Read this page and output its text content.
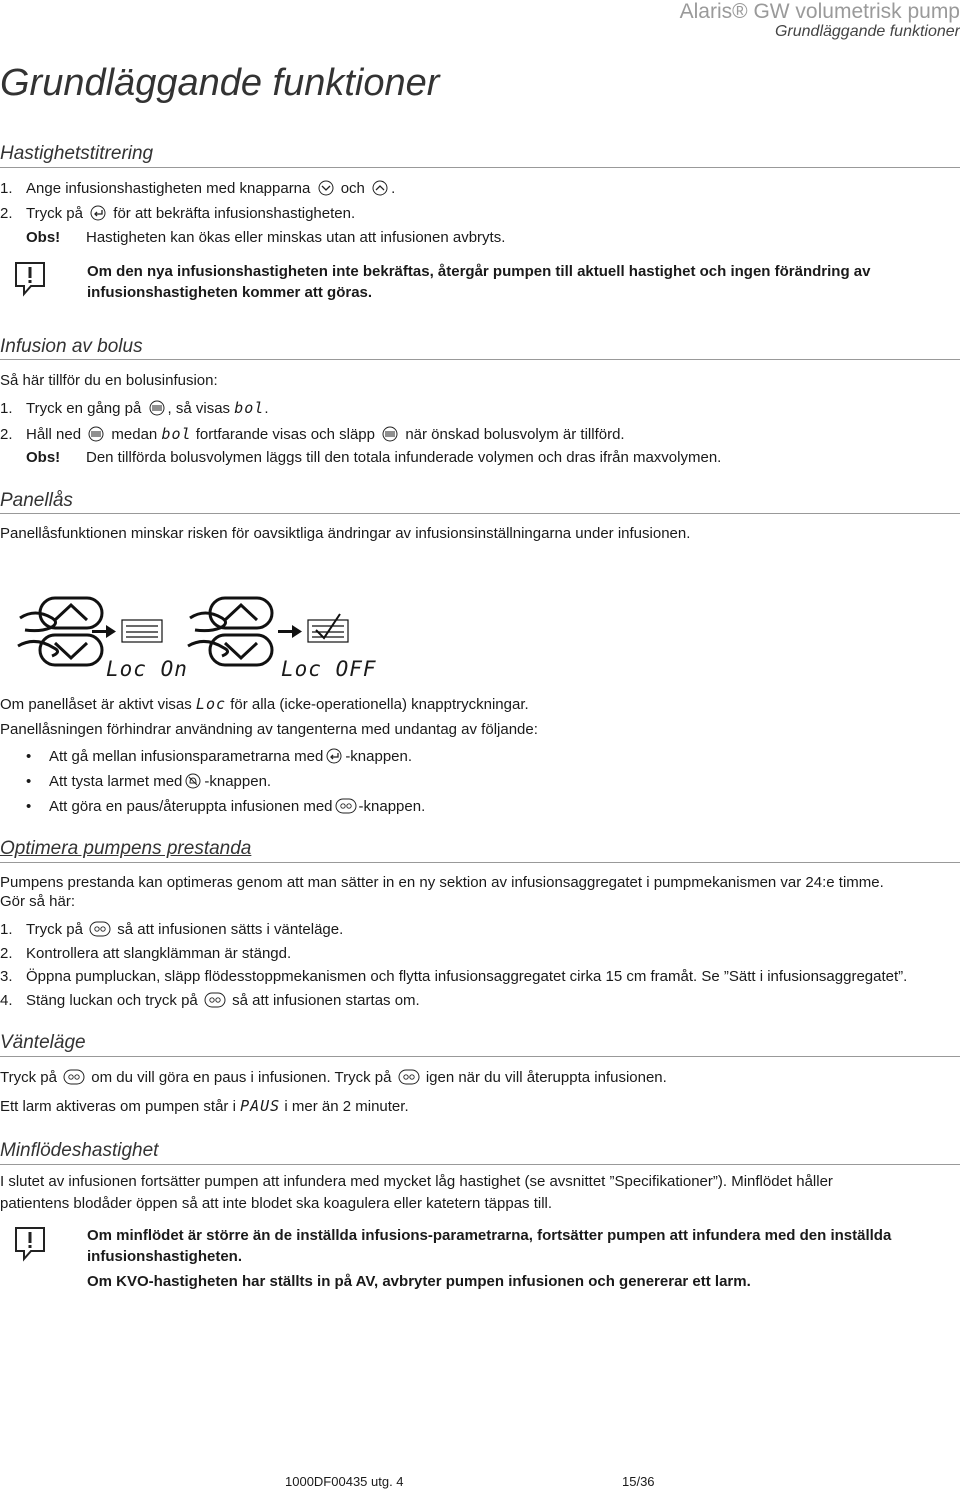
Alaris® GW volumetrisk pump
Grundläggande funktioner
Grundläggande funktioner
Hastighetstitrering
1. Ange infusionshastigheten med knapparna och .
2. Tryck på för att bekräfta infusionshastigheten.
Obs! Hastigheten kan ökas eller minskas utan att infusionen avbryts.
Om den nya infusionshastigheten inte bekräftas, återgår pumpen till aktuell hastighet och ingen förändring av
infusionshastigheten kommer att göras.
Infusion av bolus
Så här tillför du en bolusinfusion:
1. Tryck en gång på , så visas bol.
2. Håll ned medan bol fortfarande visas och släpp när önskad bolusvolym är tillförd.
Obs! Den tillförda bolusvolymen läggs till den totala infunderade volymen och dras ifrån maxvolymen.
Panellås
Panellåsfunktionen minskar risken för oavsiktliga ändringar av infusionsinställningarna under infusionen.
Loc On	Loc OFF
Om panellåset är aktivt visas Loc för alla (icke-operationella) knapptryckningar.
Panellåsningen förhindrar användning av tangenterna med undantag av följande:
• Att gå mellan infusionsparametrarna med -knappen.
• Att tysta larmet med -knappen.
• Att göra en paus/återuppta infusionen med -knappen.
Optimera pumpens prestanda
Pumpens prestanda kan optimeras genom att man sätter in en ny sektion av infusionsaggregatet i pumpmekanismen var 24:e timme.
Gör så här:
1. Tryck på så att infusionen sätts i vänteläge.
2. Kontrollera att slangklämman är stängd.
3. Öppna pumpluckan, släpp flödesstoppmekanismen och flytta infusionsaggregatet cirka 15 cm framåt. Se ”Sätt i infusionsaggregatet”.
4. Stäng luckan och tryck på så att infusionen startas om.
Vänteläge
Tryck på om du vill göra en paus i infusionen. Tryck på igen när du vill återuppta infusionen.
Ett larm aktiveras om pumpen står i PAUS i mer än 2 minuter.
Minflödeshastighet
I slutet av infusionen fortsätter pumpen att infundera med mycket låg hastighet (se avsnittet ”Specifikationer”). Minflödet håller
patientens blodåder öppen så att inte blodet ska koagulera eller katetern täppas till.
Om minflödet är större än de inställda infusions-parametrarna, fortsätter pumpen att infundera med den inställda
infusionshastigheten.
Om KVO-hastigheten har ställts in på AV, avbryter pumpen infusionen och genererar ett larm.
1000DF00435 utg. 4	15/36
